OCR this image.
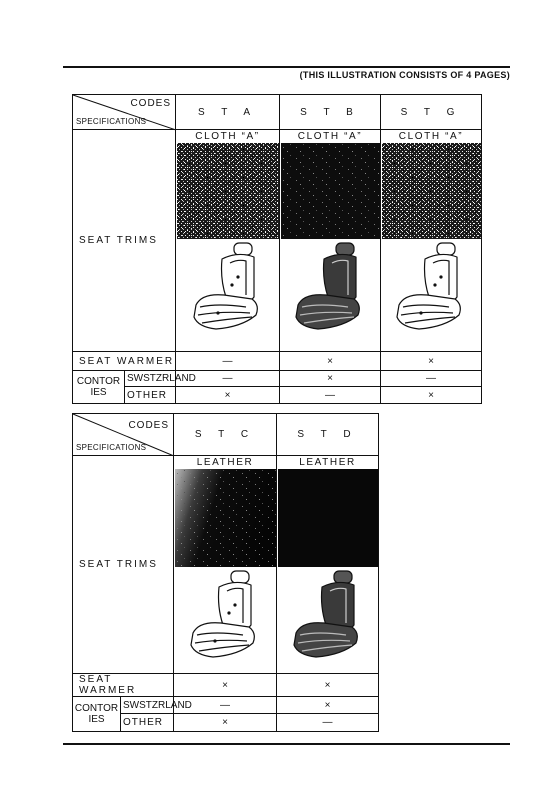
(THIS ILLUSTRATION CONSISTS OF 4 PAGES)
CODES
SPECIFICATIONS		S T A	S T B	S T G
SEAT TRIMS		CLOTH “A”	CLOTH “A”	CLOTH “A”

SEAT WARMER		—	×	×
CONTOR IES	SWSTZRLAND	—	×	—
	OTHER	×	—	×
CODES
SPECIFICATIONS		S T C	S T D
SEAT TRIMS		LEATHER	LEATHER

SEAT WARMER		×	×
CONTOR IES	SWSTZRLAND	—	×
	OTHER	×	—
